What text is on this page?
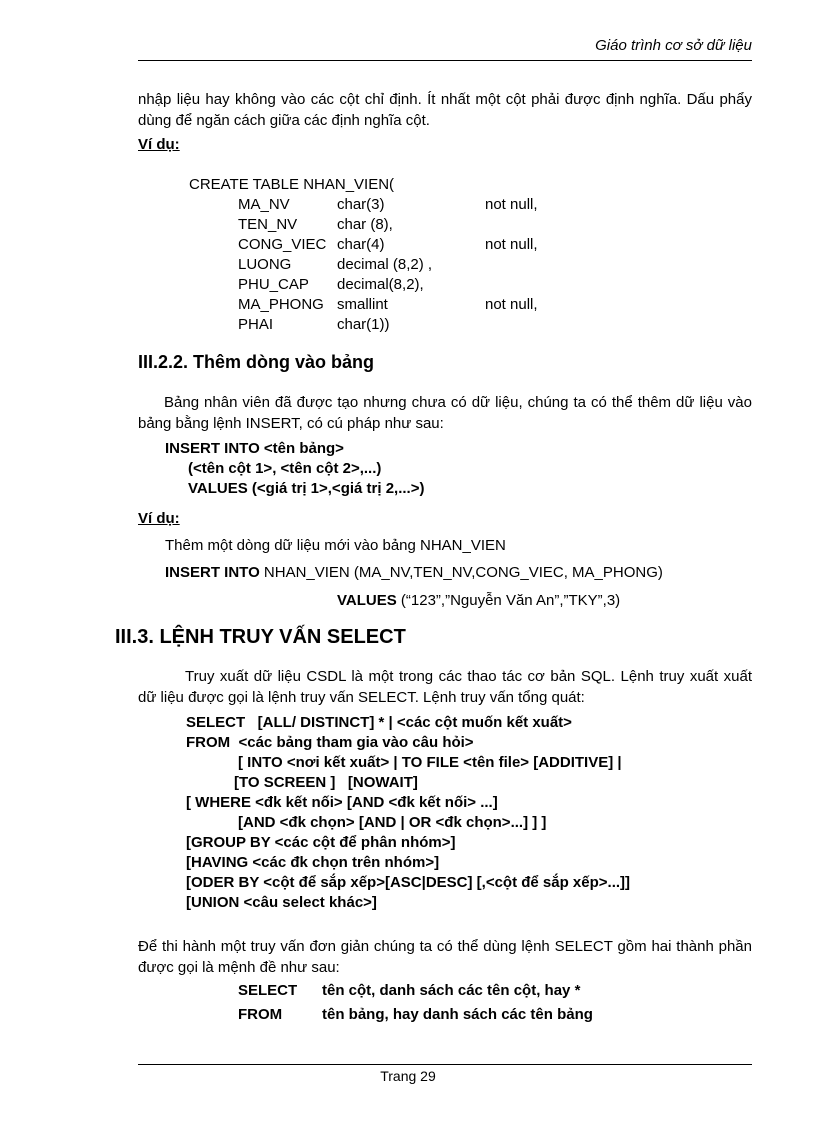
Giáo trình cơ sở dữ liệu
nhập liệu hay không vào các cột chỉ định. Ít nhất một cột phải được định nghĩa. Dấu phẩy dùng để ngăn cách giữa các định nghĩa cột.
Ví dụ:
CREATE TABLE NHAN_VIEN(
MA_NV	char(3)	not null,
TEN_NV	char (8),
CONG_VIEC char(4)	not null,
LUONG	decimal (8,2) ,
PHU_CAP decimal(8,2),
MA_PHONG smallint	not null,
PHAI	char(1))
III.2.2. Thêm dòng vào bảng
Bảng nhân viên đã được tạo nhưng chưa có dữ liệu, chúng ta có thể thêm dữ liệu vào bảng bằng lệnh INSERT, có cú pháp như sau:
INSERT INTO <tên bảng>
(<tên cột 1>, <tên cột 2>,...)
VALUES (<giá trị 1>,<giá trị 2,...>)
Ví dụ:
Thêm một dòng dữ liệu mới vào bảng NHAN_VIEN
INSERT INTO NHAN_VIEN (MA_NV,TEN_NV,CONG_VIEC, MA_PHONG)
VALUES (“123”,”Nguyễn Văn An”,”TKY”,3)
III.3. LỆNH TRUY VẤN SELECT
Truy xuất dữ liệu CSDL là một trong các thao tác cơ bản SQL. Lệnh truy xuất xuất dữ liệu được gọi là lệnh truy vấn SELECT. Lệnh truy vấn tổng quát:
SELECT   [ALL/ DISTINCT] * | <các cột muốn kết xuất>
FROM  <các bảng tham gia vào câu hỏi>
[ INTO <nơi kết xuất> | TO FILE <tên file> [ADDITIVE] |
[TO SCREEN ]   [NOWAIT]
[ WHERE <đk kết nối> [AND <đk kết nối> ...]
[AND <đk chọn> [AND | OR <đk chọn>...] ] ]
[GROUP BY <các cột để phân nhóm>]
[HAVING <các đk chọn trên nhóm>]
[ODER BY <cột để sắp xếp>[ASC|DESC] [,<cột để sắp xếp>...]]
[UNION <câu select khác>]
Để thi hành một truy vấn đơn giản chúng ta có thể dùng lệnh SELECT gồm hai thành phần được gọi là mệnh đề như sau:
SELECT tên cột, danh sách các tên cột, hay *
FROM	tên bảng, hay danh sách các tên bảng
Trang 29
